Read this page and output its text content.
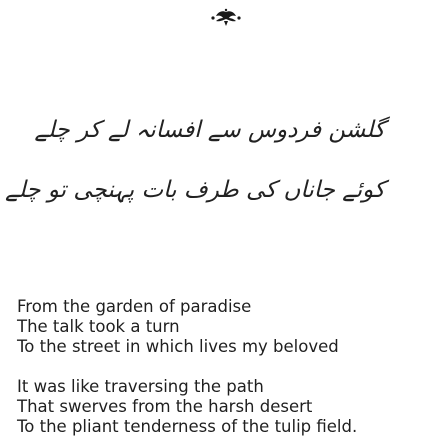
گلشن فردوس سے افسانہ لے کر چلے
کوئے جاناں کی طرف بات پہنچی تو چلے

From the garden of paradise
The talk took a turn
To the street in which lives my beloved

It was like traversing the path
That swerves from the harsh desert
To the pliant tenderness of the tulip field.
